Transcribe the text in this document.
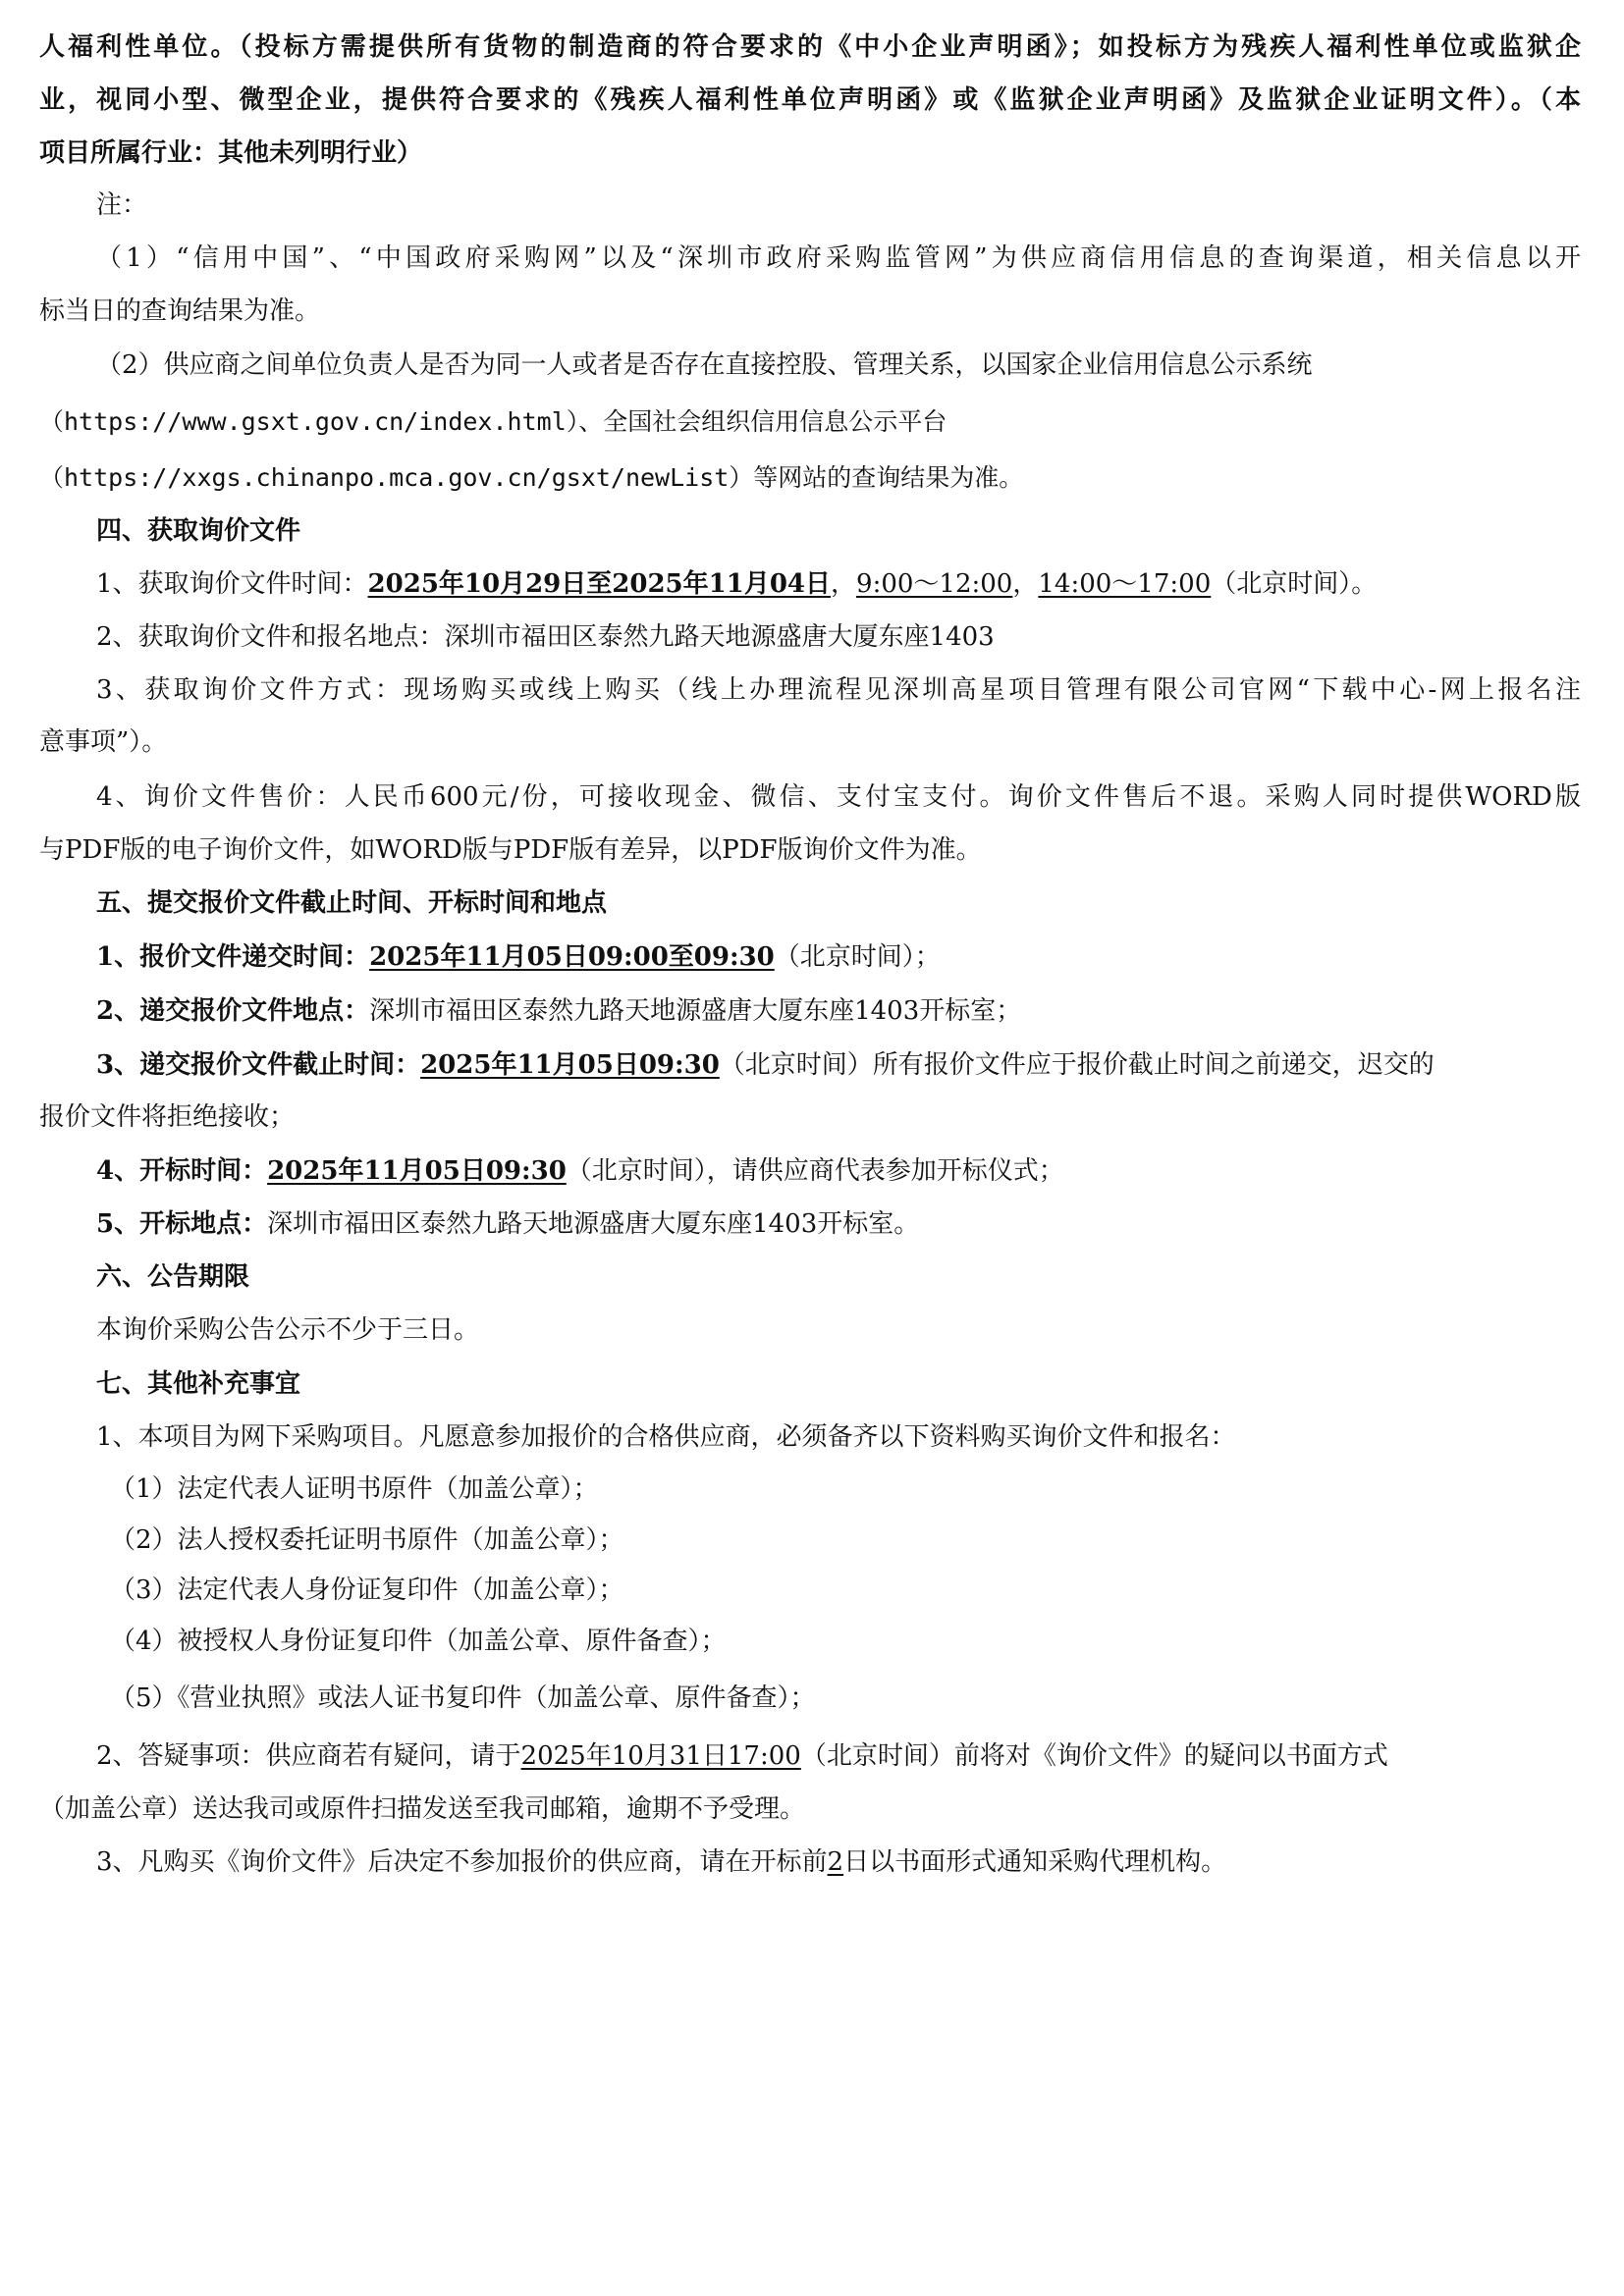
人福利性单位。（投标方需提供所有货物的制造商的符合要求的《中小企业声明函》；如投标方为残疾人福利性单位或监狱企
业，视同小型、微型企业，提供符合要求的《残疾人福利性单位声明函》或《监狱企业声明函》及监狱企业证明文件）。（本
项目所属行业：其他未列明行业）
注：
（1）“信用中国”、“中国政府采购网”以及“深圳市政府采购监管网”为供应商信用信息的查询渠道，相关信息以开
标当日的查询结果为准。
（2）供应商之间单位负责人是否为同一人或者是否存在直接控股、管理关系，以国家企业信用信息公示系统
（https://www.gsxt.gov.cn/index.html）、全国社会组织信用信息公示平台
（https://xxgs.chinanpo.mca.gov.cn/gsxt/newList）等网站的查询结果为准。
四、获取询价文件
1、获取询价文件时间：2025年10月29日至2025年11月04日，9:00～12:00，14:00～17:00（北京时间）。
2、获取询价文件和报名地点：深圳市福田区泰然九路天地源盛唐大厦东座1403
3、获取询价文件方式：现场购买或线上购买（线上办理流程见深圳高星项目管理有限公司官网“下载中心-网上报名注
意事项”）。
4、询价文件售价：人民币600元/份，可接收现金、微信、支付宝支付。询价文件售后不退。采购人同时提供WORD版
与PDF版的电子询价文件，如WORD版与PDF版有差异，以PDF版询价文件为准。
五、提交报价文件截止时间、开标时间和地点
1、报价文件递交时间：2025年11月05日09:00至09:30（北京时间）；
2、递交报价文件地点：深圳市福田区泰然九路天地源盛唐大厦东座1403开标室；
3、递交报价文件截止时间：2025年11月05日09:30（北京时间）所有报价文件应于报价截止时间之前递交，迟交的
报价文件将拒绝接收；
4、开标时间：2025年11月05日09:30（北京时间），请供应商代表参加开标仪式；
5、开标地点：深圳市福田区泰然九路天地源盛唐大厦东座1403开标室。
六、公告期限
本询价采购公告公示不少于三日。
七、其他补充事宜
1、本项目为网下采购项目。凡愿意参加报价的合格供应商，必须备齐以下资料购买询价文件和报名：
（1）法定代表人证明书原件（加盖公章）；
（2）法人授权委托证明书原件（加盖公章）；
（3）法定代表人身份证复印件（加盖公章）；
（4）被授权人身份证复印件（加盖公章、原件备查）；
（5）《营业执照》或法人证书复印件（加盖公章、原件备查）；
2、答疑事项：供应商若有疑问，请于2025年10月31日17:00（北京时间）前将对《询价文件》的疑问以书面方式
（加盖公章）送达我司或原件扫描发送至我司邮箱，逾期不予受理。
3、凡购买《询价文件》后决定不参加报价的供应商，请在开标前2日以书面形式通知采购代理机构。
